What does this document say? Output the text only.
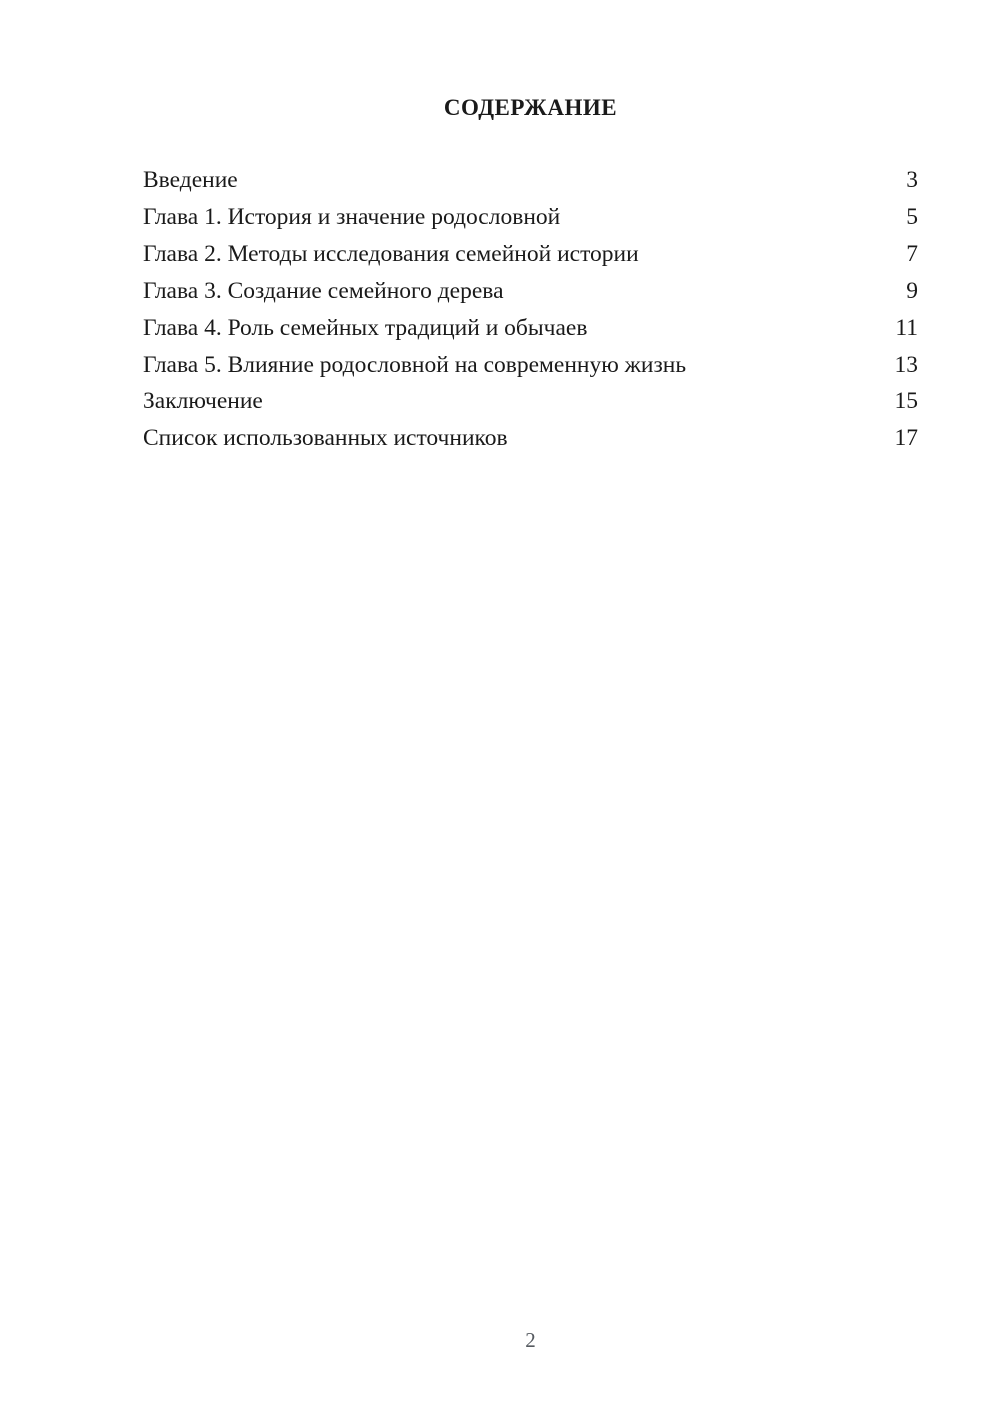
СОДЕРЖАНИЕ
Введение	3
Глава 1. История и значение родословной	5
Глава 2. Методы исследования семейной истории	7
Глава 3. Создание семейного дерева	9
Глава 4. Роль семейных традиций и обычаев	11
Глава 5. Влияние родословной на современную жизнь	13
Заключение	15
Список использованных источников	17
2
